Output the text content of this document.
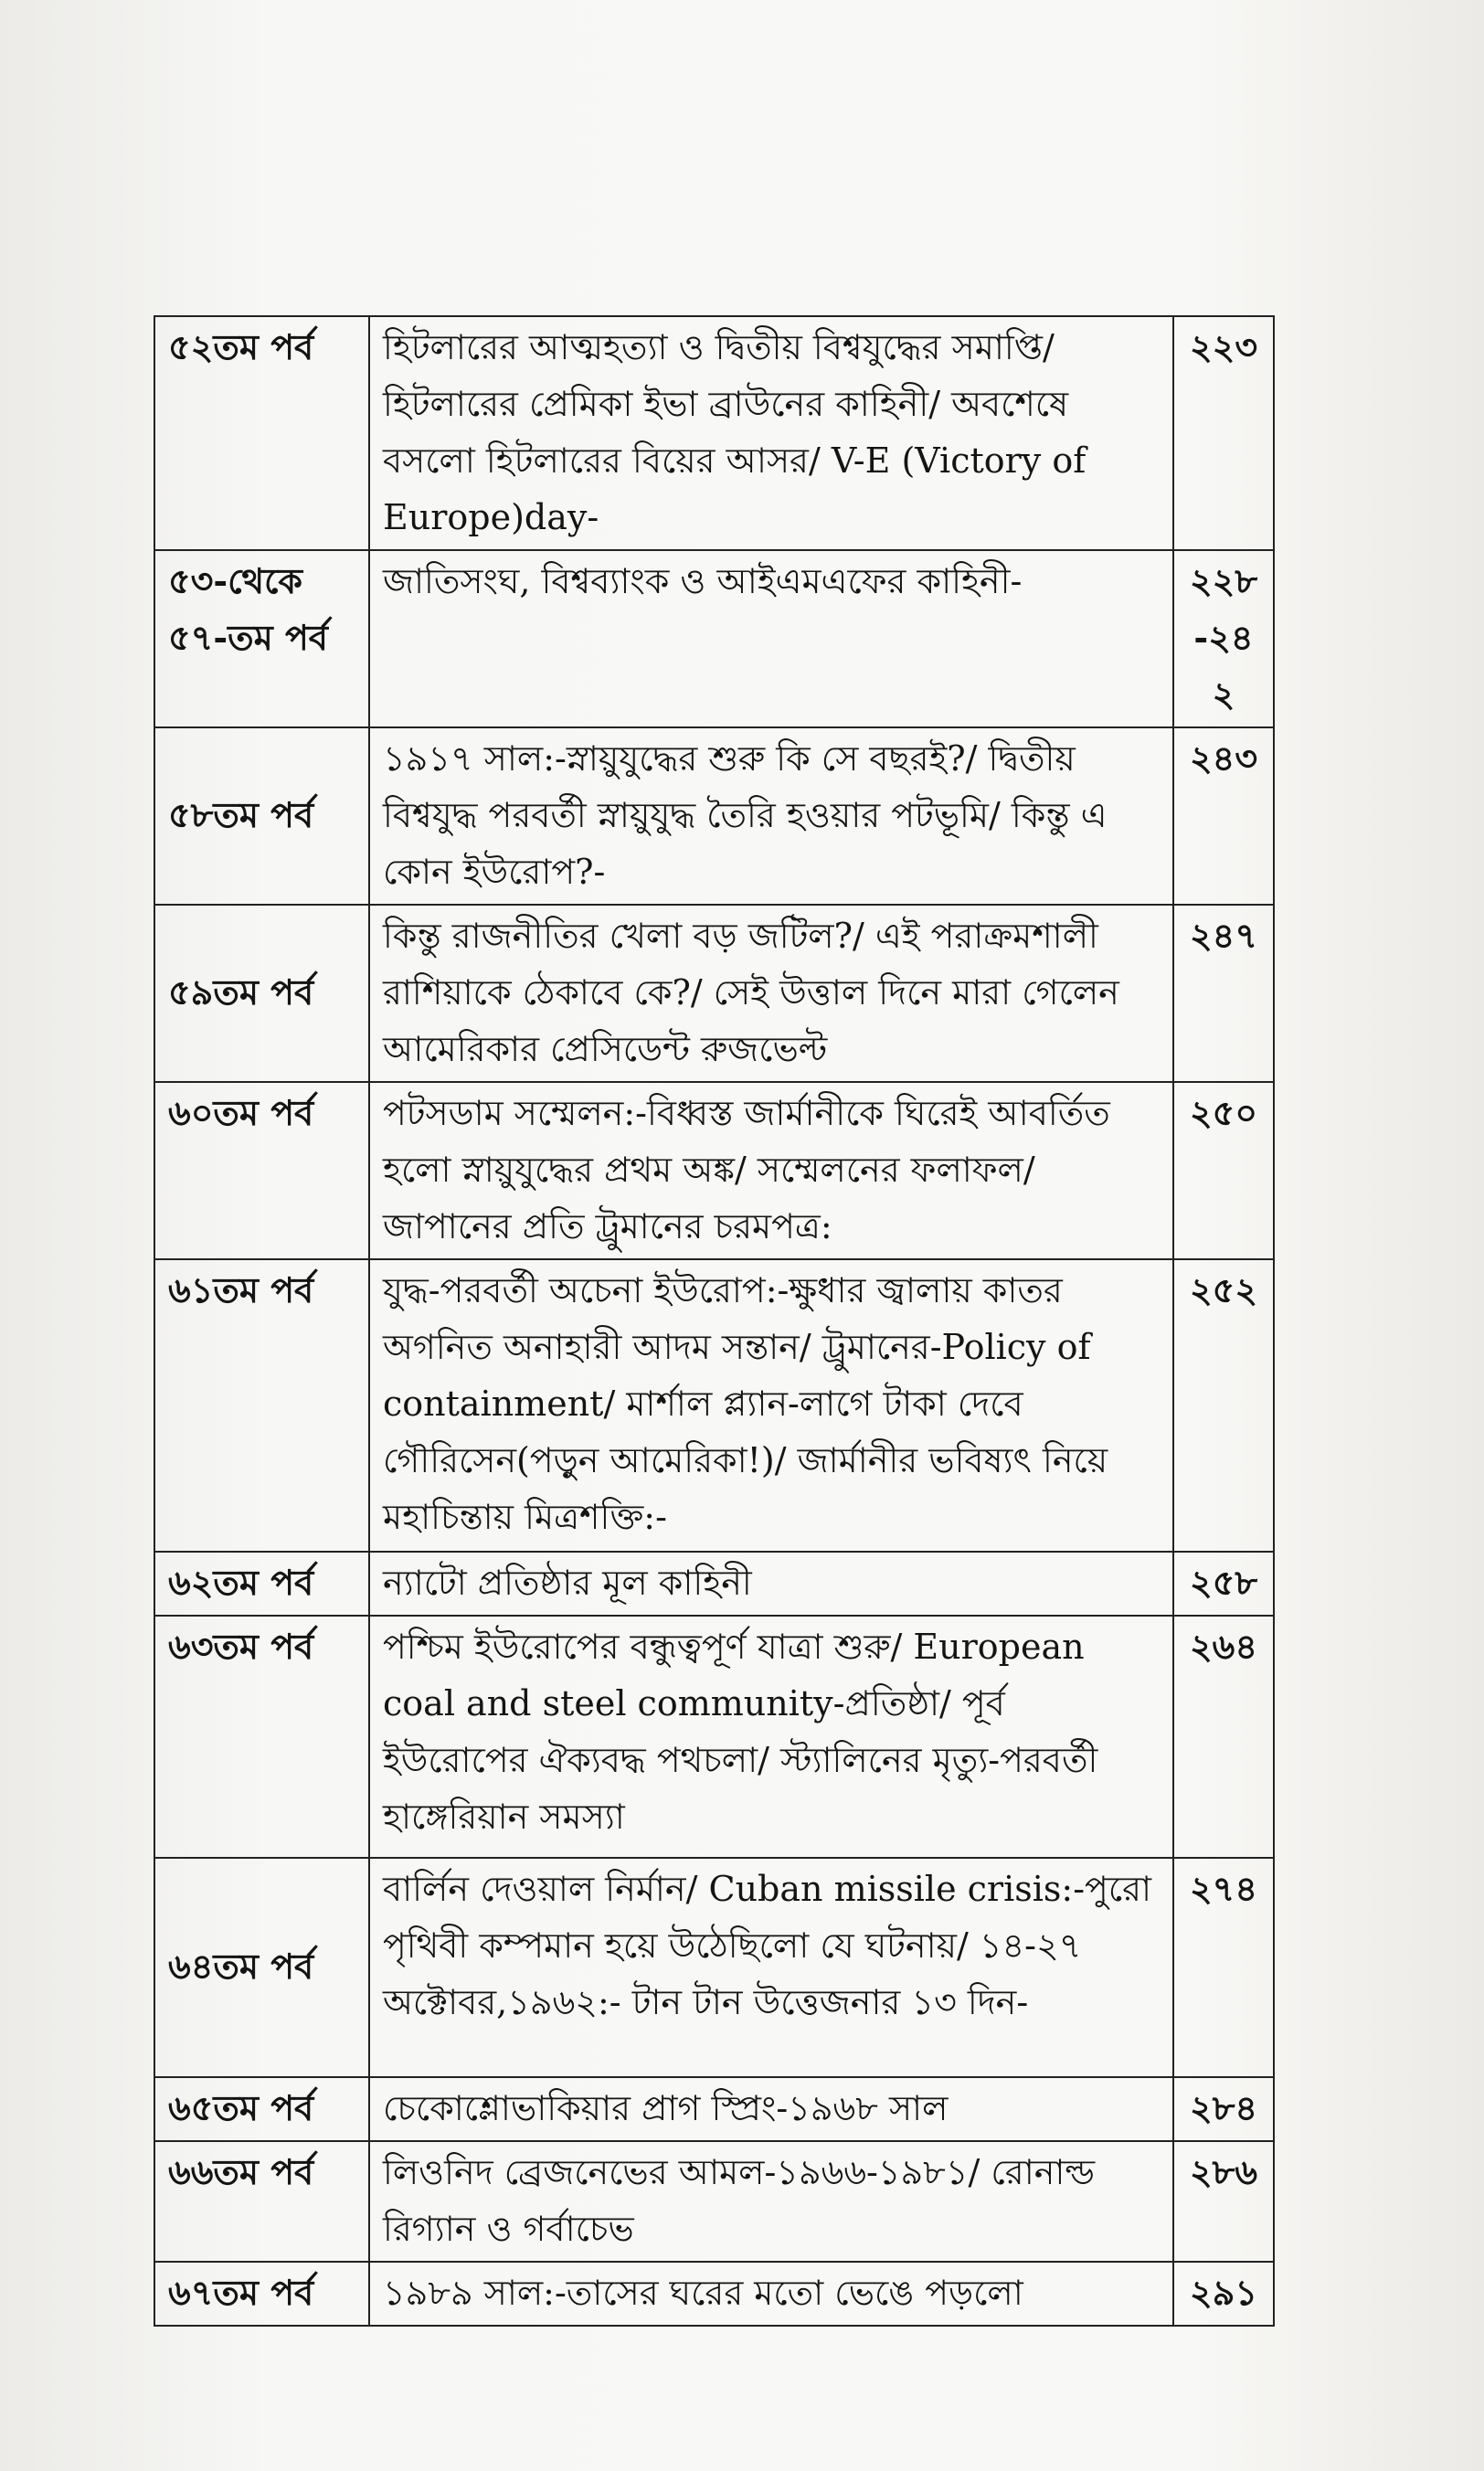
৫২তম পর্ব	হিটলারের আত্মহত্যা ও দ্বিতীয় বিশ্বযুদ্ধের সমাপ্তি/ হিটলারের প্রেমিকা ইভা ব্রাউনের কাহিনী/ অবশেষে বসলো হিটলারের বিয়ের আসর/ V-E (Victory of Europe)day-	২২৩
৫৩-থেকে ৫৭-তম পর্ব	জাতিসংঘ, বিশ্বব্যাংক ও আইএমএফের কাহিনী-	২২৮-২৪২
৫৮তম পর্ব	১৯১৭ সাল:-স্নায়ুযুদ্ধের শুরু কি সে বছরই?/ দ্বিতীয় বিশ্বযুদ্ধ পরবর্তী স্নায়ুযুদ্ধ তৈরি হওয়ার পটভূমি/ কিন্তু এ কোন ইউরোপ?-	২৪৩
৫৯তম পর্ব	কিন্তু রাজনীতির খেলা বড় জটিল?/ এই পরাক্রমশালী রাশিয়াকে ঠেকাবে কে?/ সেই উত্তাল দিনে মারা গেলেন আমেরিকার প্রেসিডেন্ট রুজভেল্ট	২৪৭
৬০তম পর্ব	পটসডাম সম্মেলন:-বিধ্বস্ত জার্মানীকে ঘিরেই আবর্তিত হলো স্নায়ুযুদ্ধের প্রথম অঙ্ক/ সম্মেলনের ফলাফল/ জাপানের প্রতি ট্রুমানের চরমপত্র:	২৫০
৬১তম পর্ব	যুদ্ধ-পরবর্তী অচেনা ইউরোপ:-ক্ষুধার জ্বালায় কাতর অগনিত অনাহারী আদম সন্তান/ ট্রুমানের-Policy of containment/ মার্শাল প্ল্যান-লাগে টাকা দেবে গৌরিসেন(পড়ুন আমেরিকা!)/ জার্মানীর ভবিষ্যৎ নিয়ে মহাচিন্তায় মিত্রশক্তি:-	২৫২
৬২তম পর্ব	ন্যাটো প্রতিষ্ঠার মূল কাহিনী	২৫৮
৬৩তম পর্ব	পশ্চিম ইউরোপের বন্ধুত্বপূর্ণ যাত্রা শুরু/ European coal and steel community-প্রতিষ্ঠা/ পূর্ব ইউরোপের ঐক্যবদ্ধ পথচলা/ স্ট্যালিনের মৃত্যু-পরবর্তী হাঙ্গেরিয়ান সমস্যা	২৬৪
৬৪তম পর্ব	বার্লিন দেওয়াল নির্মান/ Cuban missile crisis:-পুরো পৃথিবী কম্পমান হয়ে উঠেছিলো যে ঘটনায়/ ১৪-২৭ অক্টোবর,১৯৬২:- টান টান উত্তেজনার ১৩ দিন-	২৭৪
৬৫তম পর্ব	চেকোশ্লোভাকিয়ার প্রাগ স্প্রিং-১৯৬৮ সাল	২৮৪
৬৬তম পর্ব	লিওনিদ ব্রেজনেভের আমল-১৯৬৬-১৯৮১/ রোনাল্ড রিগ্যান ও গর্বাচেভ	২৮৬
৬৭তম পর্ব	১৯৮৯ সাল:-তাসের ঘরের মতো ভেঙে পড়লো	২৯১
